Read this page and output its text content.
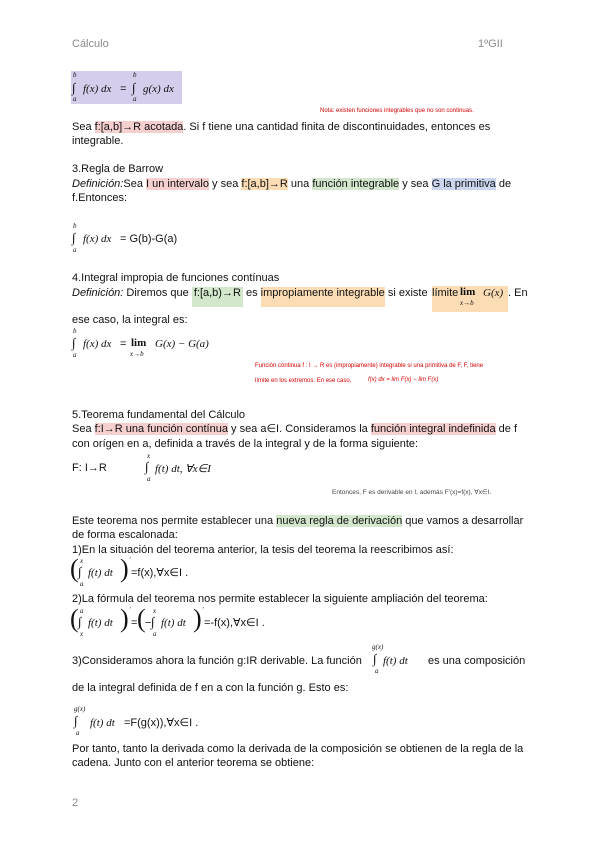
Cálculo	1ºGII
b
∫
a
f(x) dx =
b
∫
a
g(x) dx
Nota: existen funciones integrables que no son continuas.
Sea f:[a,b]→R acotada. Si f tiene una cantidad finita de discontinuidades, entonces es integrable.
3.Regla de Barrow
Definición:Sea I un intervalo y sea f:[a,b]→R una función integrable y sea G la primitiva de
f.Entonces:
b
∫
a
f(x) dx = G(b)-G(a)
4.Integral impropia de funciones contínuas
Definición: Diremos que f:[a,b)→R es impropiamente integrable si existe límite lim
x→b
G(x) . En
ese caso, la integral es:
b
∫
a
f(x) dx = lim
x→b
G(x) − G(a)
Función continua f : I → R es (impropiamente) integrable si una primitiva de F, F, tiene
límite en los extremos. En ese caso,	f(x) dx = lim F(x) − lim F(x)
5.Teorema fundamental del Cálculo
Sea f:I→R una función contínua y sea a∈I. Consideramos la función integral indefinida de f
con orígen en a, definida a través de la integral y de la forma siguiente:
F: I→R
x
∫
a
f(t) dt, ∀x∈I
Entonces, F es derivable en I, además F'(x)=f(x), ∀x∈I.
Este teorema nos permite establecer una nueva regla de derivación que vamos a desarrollar
de forma escalonada:
1)En la situación del teorema anterior, la tesis del teorema la reescribimos así:
( x
∫
a
f(t) dt ) '
=f(x),∀x∈I .
2)La fórmula del teorema nos permite establecer la siguiente ampliación del teorema:
( a
∫
x
f(t) dt ) '
= ( −
x
∫
a
f(t) dt ) '
=-f(x),∀x∈I .
3)Consideramos ahora la función g:IR derivable. La función
g(x)
∫
a
f(t) dt es una composición
de la integral definida de f en a con la función g. Esto es:
g(x)
∫
a
f(t) dt =F(g(x)),∀x∈I .
Por tanto, tanto la derivada como la derivada de la composición se obtienen de la regla de la
cadena. Junto con el anterior teorema se obtiene:
2
